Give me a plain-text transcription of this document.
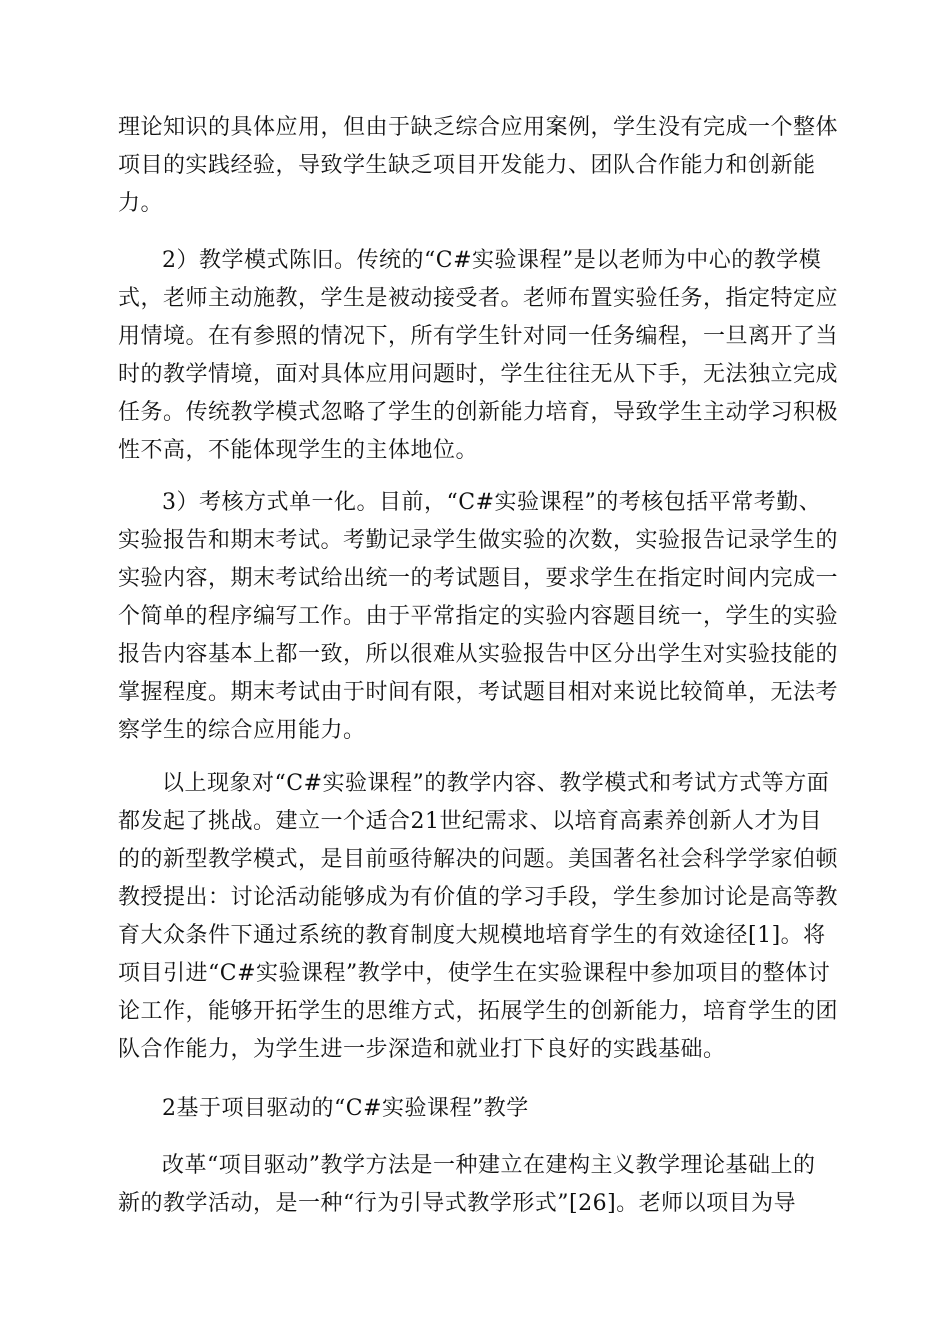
理论知识的具体应用，但由于缺乏综合应用案例，学生没有完成一个整体
项目的实践经验，导致学生缺乏项目开发能力、团队合作能力和创新能
力。
2）教学模式陈旧。传统的“C#实验课程”是以老师为中心的教学模
式，老师主动施教，学生是被动接受者。老师布置实验任务，指定特定应
用情境。在有参照的情况下，所有学生针对同一任务编程，一旦离开了当
时的教学情境，面对具体应用问题时，学生往往无从下手，无法独立完成
任务。传统教学模式忽略了学生的创新能力培育，导致学生主动学习积极
性不高，不能体现学生的主体地位。
3）考核方式单一化。目前，“C#实验课程”的考核包括平常考勤、
实验报告和期末考试。考勤记录学生做实验的次数，实验报告记录学生的
实验内容，期末考试给出统一的考试题目，要求学生在指定时间内完成一
个简单的程序编写工作。由于平常指定的实验内容题目统一，学生的实验
报告内容基本上都一致，所以很难从实验报告中区分出学生对实验技能的
掌握程度。期末考试由于时间有限，考试题目相对来说比较简单，无法考
察学生的综合应用能力。
以上现象对“C#实验课程”的教学内容、教学模式和考试方式等方面
都发起了挑战。建立一个适合21世纪需求、以培育高素养创新人才为目
的的新型教学模式，是目前亟待解决的问题。美国著名社会科学学家伯顿
教授提出：讨论活动能够成为有价值的学习手段，学生参加讨论是高等教
育大众条件下通过系统的教育制度大规模地培育学生的有效途径[1]。将
项目引进“C#实验课程”教学中，使学生在实验课程中参加项目的整体讨
论工作，能够开拓学生的思维方式，拓展学生的创新能力，培育学生的团
队合作能力，为学生进一步深造和就业打下良好的实践基础。
2基于项目驱动的“C#实验课程”教学
改革“项目驱动”教学方法是一种建立在建构主义教学理论基础上的
新的教学活动，是一种“行为引导式教学形式”[26]。老师以项目为导
